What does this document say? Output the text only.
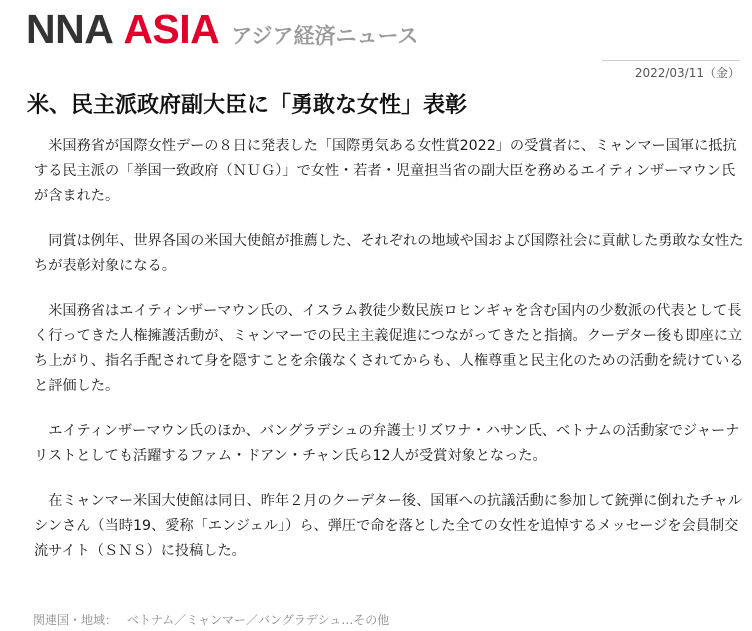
NNA ASIA アジア経済ニュース
2022/03/11（金）
米、民主派政府副大臣に「勇敢な女性」表彰

米国務省が国際女性デーの８日に発表した「国際勇気ある女性賞2022」の受賞者に、ミャンマー国軍に抵抗する民主派の「挙国一致政府（ＮＵＧ）」で女性・若者・児童担当省の副大臣を務めるエイティンザーマウン氏が含まれた。

同賞は例年、世界各国の米国大使館が推薦した、それぞれの地域や国および国際社会に貢献した勇敢な女性たちが表彰対象になる。

米国務省はエイティンザーマウン氏の、イスラム教徒少数民族ロヒンギャを含む国内の少数派の代表として長く行ってきた人権擁護活動が、ミャンマーでの民主主義促進につながってきたと指摘。クーデター後も即座に立ち上がり、指名手配されて身を隠すことを余儀なくされてからも、人権尊重と民主化のための活動を続けていると評価した。

エイティンザーマウン氏のほか、バングラデシュの弁護士リズワナ・ハサン氏、ベトナムの活動家でジャーナリストとしても活躍するファム・ドアン・チャン氏ら12人が受賞対象となった。

在ミャンマー米国大使館は同日、昨年２月のクーデター後、国軍への抗議活動に参加して銃弾に倒れたチャルシンさん（当時19、愛称「エンジェル」）ら、弾圧で命を落とした全ての女性を追悼するメッセージを会員制交流サイト（ＳＮＳ）に投稿した。

関連国・地域： ベトナム／ミャンマー／バングラデシュ…その他
